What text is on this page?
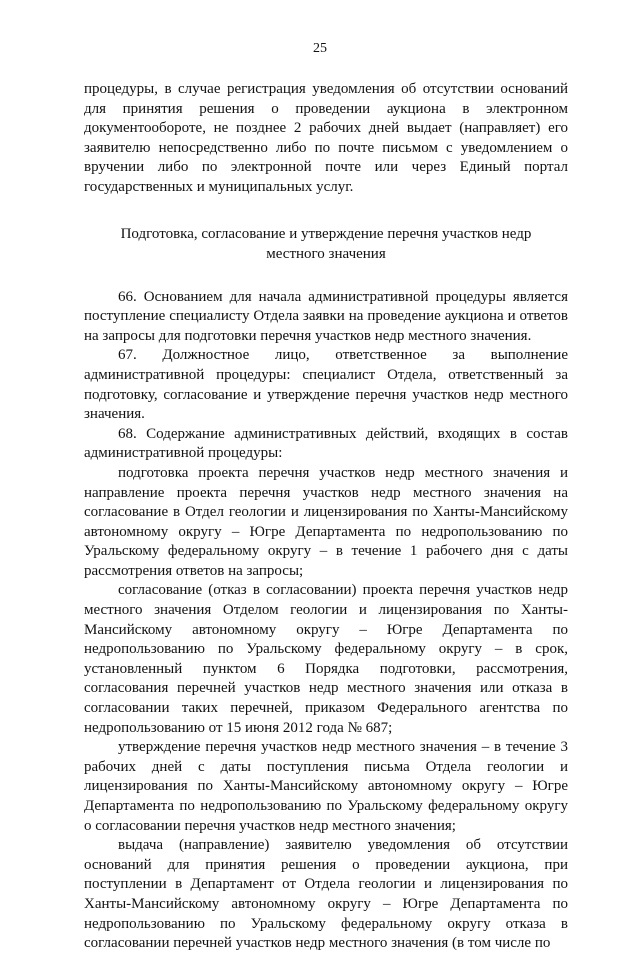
25

процедуры, в случае регистрация уведомления об отсутствии оснований для принятия решения о проведении аукциона в электронном документообороте, не позднее 2 рабочих дней выдает (направляет) его заявителю непосредственно либо по почте письмом с уведомлением о вручении либо по электронной почте или через Единый портал государственных и муниципальных услуг.

Подготовка, согласование и утверждение перечня участков недр местного значения

66. Основанием для начала административной процедуры является поступление специалисту Отдела заявки на проведение аукциона и ответов на запросы для подготовки перечня участков недр местного значения.

67. Должностное лицо, ответственное за выполнение административной процедуры: специалист Отдела, ответственный за подготовку, согласование и утверждение перечня участков недр местного значения.

68. Содержание административных действий, входящих в состав административной процедуры:

подготовка проекта перечня участков недр местного значения и направление проекта перечня участков недр местного значения на согласование в Отдел геологии и лицензирования по Ханты-Мансийскому автономному округу – Югре Департамента по недропользованию по Уральскому федеральному округу – в течение 1 рабочего дня с даты рассмотрения ответов на запросы;

согласование (отказ в согласовании) проекта перечня участков недр местного значения Отделом геологии и лицензирования по Ханты-Мансийскому автономному округу – Югре Департамента по недропользованию по Уральскому федеральному округу – в срок, установленный пунктом 6 Порядка подготовки, рассмотрения, согласования перечней участков недр местного значения или отказа в согласовании таких перечней, приказом Федерального агентства по недропользованию от 15 июня 2012 года № 687;

утверждение перечня участков недр местного значения – в течение 3 рабочих дней с даты поступления письма Отдела геологии и лицензирования по Ханты-Мансийскому автономному округу – Югре Департамента по недропользованию по Уральскому федеральному округу о согласовании перечня участков недр местного значения;

выдача (направление) заявителю уведомления об отсутствии оснований для принятия решения о проведении аукциона, при поступлении в Департамент от Отдела геологии и лицензирования по Ханты-Мансийскому автономному округу – Югре Департамента по недропользованию по Уральскому федеральному округу отказа в согласовании перечней участков недр местного значения (в том числе по
